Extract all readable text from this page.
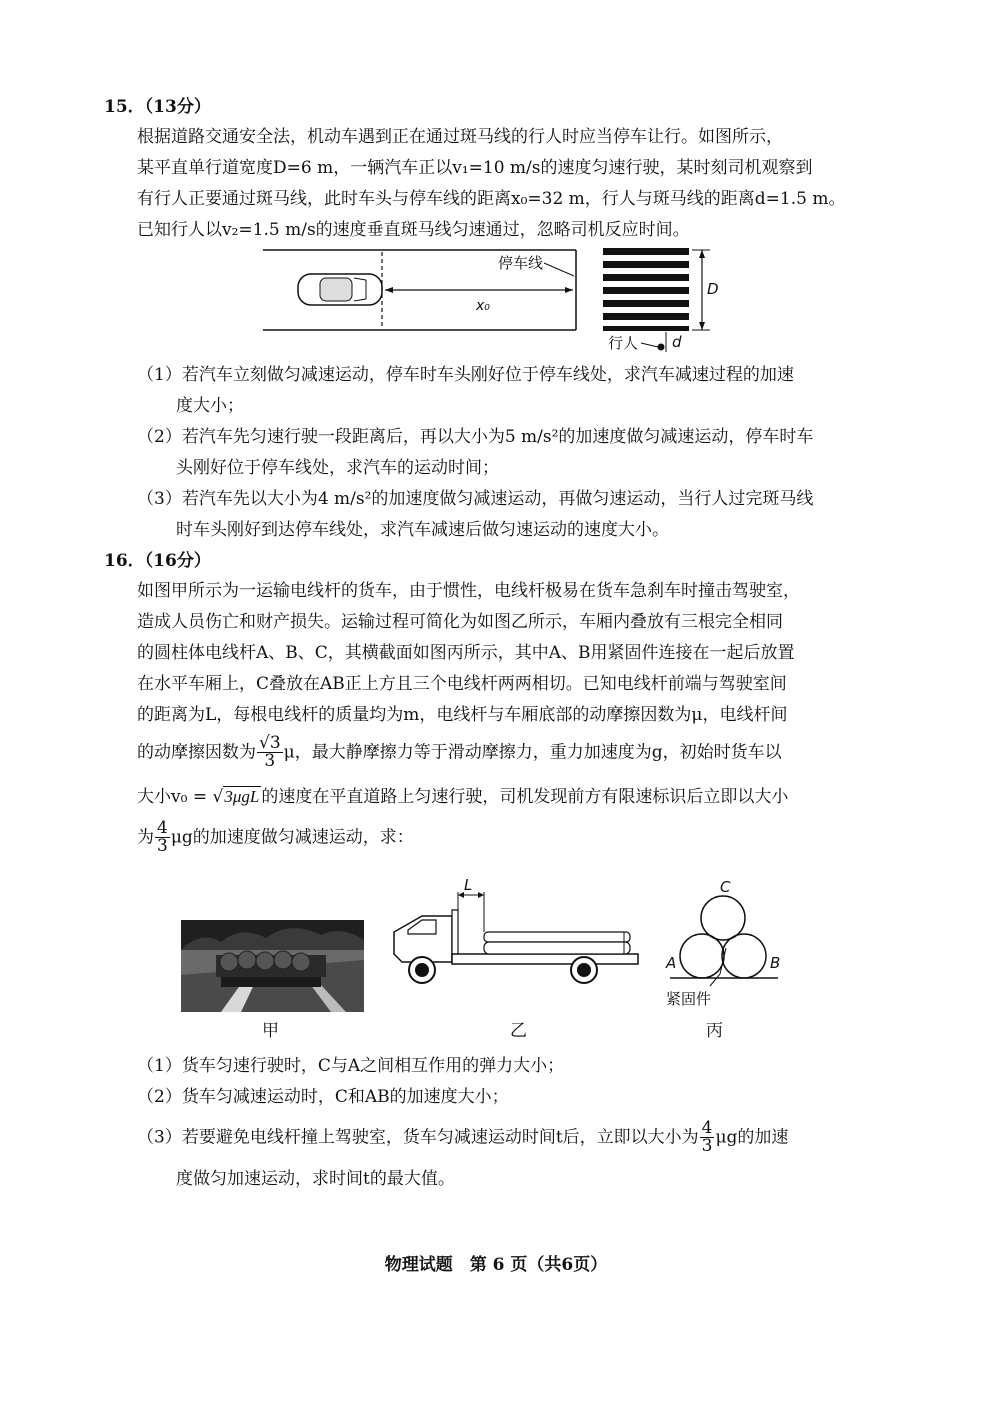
15．（13分）
根据道路交通安全法，机动车遇到正在通过斑马线的行人时应当停车让行。如图所示，
某平直单行道宽度D=6 m，一辆汽车正以v₁=10 m/s的速度匀速行驶，某时刻司机观察到
有行人正要通过斑马线，此时车头与停车线的距离x₀=32 m，行人与斑马线的距离d=1.5 m。
已知行人以v₂=1.5 m/s的速度垂直斑马线匀速通过，忽略司机反应时间。
x₀
停车线
D
行人 d
（1）若汽车立刻做匀减速运动，停车时车头刚好位于停车线处，求汽车减速过程的加速
度大小；
（2）若汽车先匀速行驶一段距离后，再以大小为5 m/s²的加速度做匀减速运动，停车时车
头刚好位于停车线处，求汽车的运动时间；
（3）若汽车先以大小为4 m/s²的加速度做匀减速运动，再做匀速运动，当行人过完斑马线
时车头刚好到达停车线处，求汽车减速后做匀速运动的速度大小。
16．（16分）
如图甲所示为一运输电线杆的货车，由于惯性，电线杆极易在货车急刹车时撞击驾驶室，
造成人员伤亡和财产损失。运输过程可简化为如图乙所示，车厢内叠放有三根完全相同
的圆柱体电线杆A、B、C，其横截面如图丙所示，其中A、B用紧固件连接在一起后放置
在水平车厢上，C叠放在AB正上方且三个电线杆两两相切。已知电线杆前端与驾驶室间
的距离为L，每根电线杆的质量均为m，电线杆与车厢底部的动摩擦因数为μ，电线杆间
的动摩擦因数为 $\frac{√3}{3}$ μ，最大静摩擦力等于滑动摩擦力，重力加速度为g，初始时货车以
大小v₀ = √3μgL 的速度在平直道路上匀速行驶，司机发现前方有限速标识后立即以大小
为 $\frac{4}{3}$ μg的加速度做匀减速运动，求：
L	C
A	B
紧固件
甲	乙	丙
（1）货车匀速行驶时，C与A之间相互作用的弹力大小；
（2）货车匀减速运动时，C和AB的加速度大小；
（3）若要避免电线杆撞上驾驶室，货车匀减速运动时间t后，立即以大小为 $\frac{4}{3}$ μg的加速
度做匀加速运动，求时间t的最大值。
物理试题　第 6 页（共6页）
